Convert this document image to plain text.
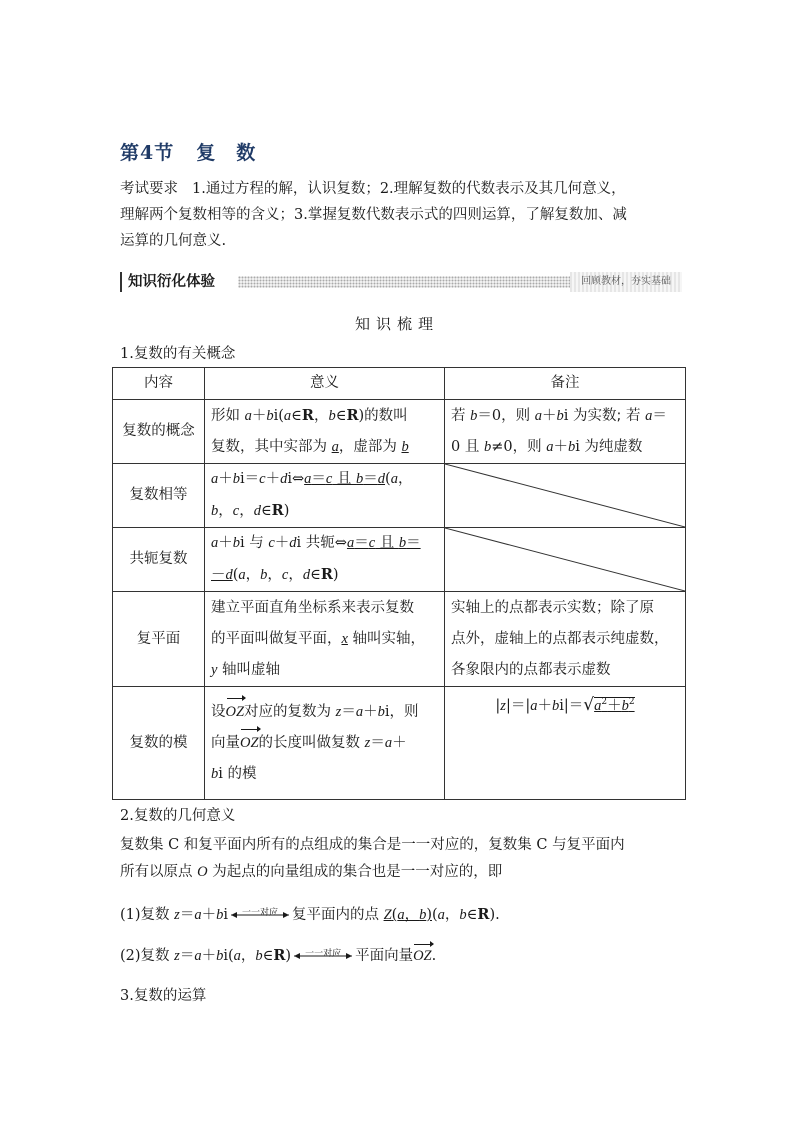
第4节 复　数

考试要求 1.通过方程的解，认识复数；2.理解复数的代数表示及其几何意义，

理解两个复数相等的含义；3.掌握复数代数表示式的四则运算，了解复数加、减

运算的几何意义.

知识衍化体验	回顾教材，夯实基础
知识梳理
1.复数的有关概念
内容	意义	备注
复数的概念	形如 a＋bi(a∈R，b∈R)的数叫
复数，其中实部为 a，虚部为 b	若 b＝0，则 a＋bi 为实数; 若 a＝
0 且 b≠0，则 a＋bi 为纯虚数
复数相等	a＋bi＝c＋di⇔a＝c 且 b＝d(a，
b，c，d∈R)	

共轭复数	a＋bi 与 c＋di 共轭⇔a＝c 且 b＝
－d(a，b，c，d∈R)	

复平面	建立平面直角坐标系来表示复数
的平面叫做复平面，x 轴叫实轴，
y 轴叫虚轴	实轴上的点都表示实数；除了原
点外，虚轴上的点都表示纯虚数，
各象限内的点都表示虚数
复数的模	设OZ对应的复数为 z＝a＋bi，则
向量OZ的长度叫做复数 z＝a＋
bi 的模	$|z|=|a+bi|=√a^2+b^2$
2.复数的几何意义
复数集 C 和复平面内所有的点组成的集合是一一对应的，复数集 C 与复平面内
所有以原点 O 为起点的向量组成的集合也是一一对应的，即
(1)复数 z＝a＋bi	一一对应 复平面内的点 Z(a，b)(a，b∈R).
(2)复数 z＝a＋bi(a，b∈R)	一一对应 平面向量OZ.
3.复数的运算
